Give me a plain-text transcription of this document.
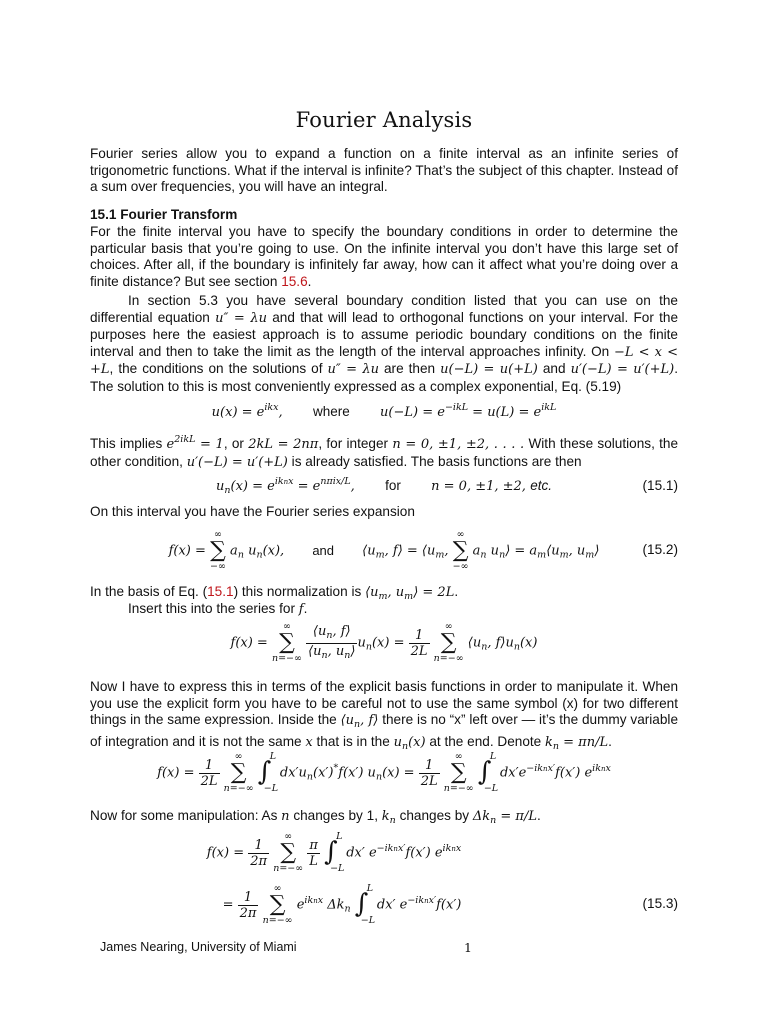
Fourier Analysis
Fourier series allow you to expand a function on a finite interval as an infinite series of trigonometric functions. What if the interval is infinite? That’s the subject of this chapter. Instead of a sum over frequencies, you will have an integral.
15.1 Fourier Transform
For the finite interval you have to specify the boundary conditions in order to determine the particular basis that you’re going to use. On the infinite interval you don’t have this large set of choices. After all, if the boundary is infinitely far away, how can it affect what you’re doing over a finite distance? But see section 15.6.
In section 5.3 you have several boundary condition listed that you can use on the differential equation u″ = λu and that will lead to orthogonal functions on your interval. For the purposes here the easiest approach is to assume periodic boundary conditions on the finite interval and then to take the limit as the length of the interval approaches infinity. On −L < x < +L, the conditions on the solutions of u″ = λu are then u(−L) = u(+L) and u′(−L) = u′(+L). The solution to this is most conveniently expressed as a complex exponential, Eq. (5.19)
$u(x) = e^{ikx}$, where $u(-L) = e^{-ikL} = u(L) = e^{ikL}$
This implies $e^{2ikL} = 1$, or 2kL = 2nπ, for integer n = 0, ±1, ±2, . . . . With these solutions, the other condition, u′(−L) = u′(+L) is already satisfied. The basis functions are then
$u_n(x) = e^{iknx} = e^{n\pi ix/L}$, for n = 0, ±1, ±2, etc.	(15.1)
On this interval you have the Fourier series expansion
f(x) =
∞
∑
−∞
$a_n$ $u_n(x)$, and $⟨u_m$, f⟩ = $⟨u_m$,
∞
∑
−∞
$a_n$ $u_n⟩$ = $a_m⟨u_m$, $u_m⟩$	(15.2)
In the basis of Eq. (15.1) this normalization is $⟨u_m$, $u_m⟩ = 2L$.
Insert this into the series for f.
f(x) =
∞
∑
n=−∞
$\frac{⟨u_n, f⟩}{⟨u_n, u_n⟩} u_n(x) = \frac{1}{2L}$

∞
∑
n=−∞
$⟨u_n$, $f⟩u_n(x)$
Now I have to express this in terms of the explicit basis functions in order to manipulate it. When you use the explicit form you have to be careful not to use the same symbol (x) for two different things in the same expression. Inside the $⟨u_n$, f⟩ there is no “x” left over — it’s the dummy variable of integration and it is not the same x that is in the $u_n(x)$ at the end. Denote $k_n = \pi n/L$.
$f(x) = \frac{1}{2L}$

∞
∑
n=−∞

∫
L
−L
$dx'u_n(x')^*f(x') u_n(x) = \frac{1}{2L}$

∞
∑
n=−∞

∫
L
−L
$dx'e^{-iknx'}f(x')$ $e^{iknx}$
Now for some manipulation: As n changes by 1, $k_n$ changes by $\Delta k_n = \pi/L$.
$f(x) = \frac{1}{2\pi}$

∞
∑
n=−∞
$\frac{\pi}{L}$
∫
L
−L
dx′ $e^{-iknx'}f(x')$ $e^{iknx}$
= $\frac{1}{2\pi}$

∞
∑
n=−∞
$e^{iknx}$ $\Delta k_n$ ∫
L
−L
dx′ $e^{-iknx'}f(x')$	(15.3)
James Nearing, University of Miami	1
